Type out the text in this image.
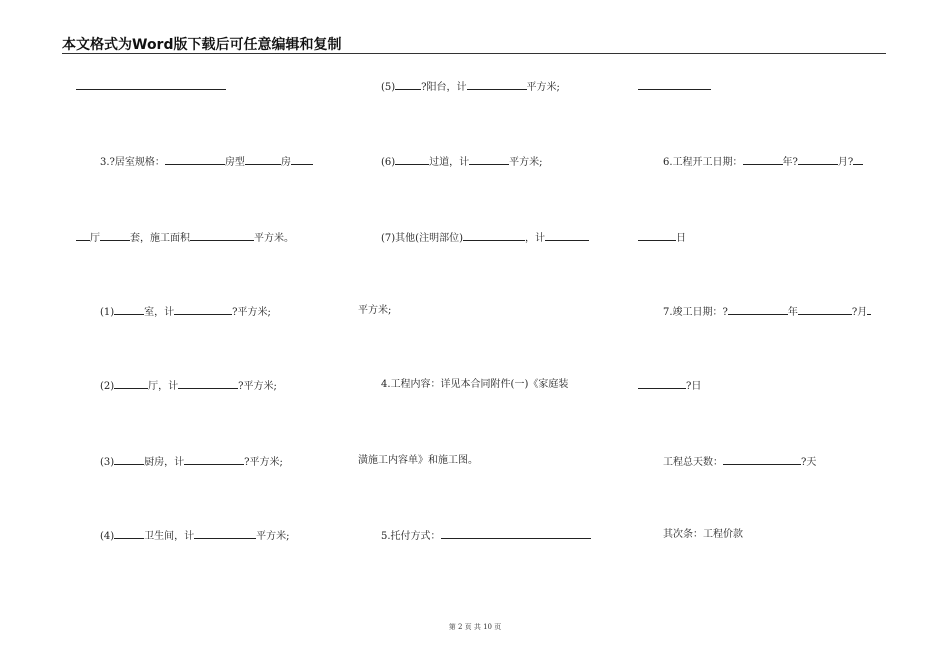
本文格式为Word版下载后可任意编辑和复制
3.?居室规格：	房型	房
厅	套，施工面积	平方米。
(1)	室，计	?平方米;
(2)	厅，计	?平方米;
(3)	厨房，计	?平方米;
(4)	卫生间，计	平方米;
(5)	?阳台，计	平方米;
(6)	过道，计	平方米;
(7)其他(注明部位)	，计
平方米;
4.工程内容：详见本合同附件(一)《家庭装
潢施工内容单》和施工图。
5.托付方式：
6.工程开工日期：	年?	月?
日
7.竣工日期：?	年	?月
?日
工程总天数：	?天
其次条：工程价款
第 2 页 共 10 页
